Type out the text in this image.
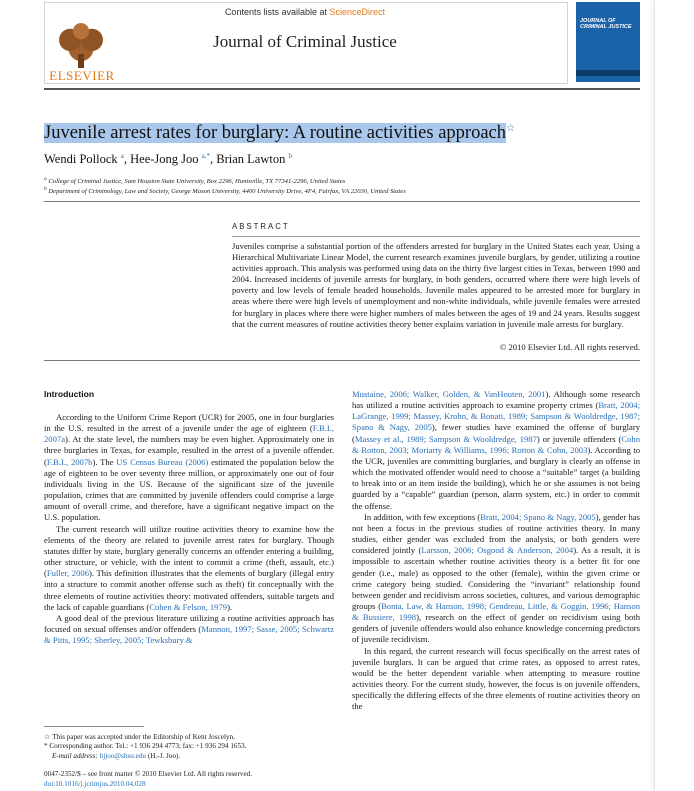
ELSEVIER
Contents lists available at ScienceDirect
Journal of Criminal Justice
JOURNAL OF CRIMINAL JUSTICE
Juvenile arrest rates for burglary: A routine activities approach☆
Wendi Pollock $^a$, Hee-Jong Joo $^{a,*}$, Brian Lawton $^b$
$^a$ College of Criminal Justice, Sam Houston State University, Box 2296, Huntsville, TX 77341-2296, United States
$^b$ Department of Criminology, Law and Society, George Mason University, 4400 University Drive, 4F4, Fairfax, VA 22030, United States
ABSTRACT
Juveniles comprise a substantial portion of the offenders arrested for burglary in the United States each year. Using a Hierarchical Multivariate Linear Model, the current research examines juvenile burglars, by gender, utilizing a routine activities approach. This analysis was performed using data on the thirty five largest cities in Texas, between 1990 and 2004. Increased incidents of juvenile arrests for burglary, in both genders, occurred where there were high levels of poverty and low levels of female headed households. Juvenile males appeared to be arrested more for burglary in areas where there were high levels of unemployment and non-white individuals, while juvenile females were arrested for burglary in places where there were higher numbers of males between the ages of 19 and 24 years. Results suggest that the current measures of routine activities theory better explains variation in juvenile male arrests for burglary.
© 2010 Elsevier Ltd. All rights reserved.
Introduction

According to the Uniform Crime Report (UCR) for 2005, one in four burglaries in the U.S. resulted in the arrest of a juvenile under the age of eighteen (F.B.I., 2007a). At the state level, the numbers may be even higher. Approximately one in three burglaries in Texas, for example, resulted in the arrest of a juvenile offender. (F.B.I., 2007b). The US Census Bureau (2006) estimated the population below the age of eighteen to be over seventy three million, or approximately one out of four individuals living in the US. Because of the significant size of the juvenile population, crimes that are committed by juvenile offenders could comprise a large amount of overall crime, and therefore, have a significant negative impact on the U.S. population.

The current research will utilize routine activities theory to examine how the elements of the theory are related to juvenile arrest rates for burglary. Though statutes differ by state, burglary generally concerns an offender entering a building, other structure, or vehicle, with the intent to commit a crime (theft, assault, etc.) (Fuller, 2006). This definition illustrates that the elements of burglary (illegal entry into a structure to commit another offense such as theft) fit conceptually with the three elements of routine activities theory: motivated offenders, suitable targets and the lack of capable guardians (Cohen & Felson, 1979).

A good deal of the previous literature utilizing a routine activities approach has focused on sexual offenses and/or offenders (Mannon, 1997; Sasse, 2005; Schwartz & Pitts, 1995; Sherley, 2005; Tewksbury &

Mustaine, 2006; Walker, Golden, & VanHouten, 2001). Although some research has utilized a routine activities approach to examine property crimes (Bratt, 2004; LaGrange, 1999; Massey, Krohn, & Bonati, 1989; Sampson & Wooldredge, 1987; Spano & Nagy, 2005), fewer studies have examined the offense of burglary (Massey et al., 1989; Sampson & Wooldredge, 1987) or juvenile offenders (Cohn & Rotton, 2003; Moriarty & Williams, 1996; Rotton & Cohn, 2003). According to the UCR, juveniles are committing burglaries, and burglary is clearly an offense in which the motivated offender would need to choose a “suitable” target (a building to break into or an item inside the building), which he or she assumes is not being guarded by a “capable” guardian (person, alarm system, etc.) in order to commit the offense.

In addition, with few exceptions (Bratt, 2004; Spano & Nagy, 2005), gender has not been a focus in the previous studies of routine activities theory. In many studies, either gender was excluded from the analysis, or both genders were considered jointly (Larsson, 2006; Osgood & Anderson, 2004). As a result, it is impossible to ascertain whether routine activities theory is a better fit for one gender (i.e., male) as opposed to the other (female), within the given crime or crime category being studied. Considering the “invariant” relationship found between gender and recidivism across societies, cultures, and various demographic groups (Bonta, Law, & Hanson, 1998; Gendreau, Little, & Goggin, 1996; Hanson & Bussiere, 1998), research on the effect of gender on recidivism using both genders of juvenile offenders would also enhance knowledge concerning predictors of juvenile recidivism.

In this regard, the current research will focus specifically on the arrest rates of juvenile burglars. It can be argued that crime rates, as opposed to arrest rates, would be the better dependent variable when attempting to measure routine activities theory. For the current study, however, the focus is on juvenile offenders, specifically the differing effects of the three elements of routine activities theory on the

☆ This paper was accepted under the Editorship of Kent Joscelyn.
* Corresponding author. Tel.: +1 936 294 4773; fax: +1 936 294 1653.
E-mail address: hjjoo@shsu.edu (H.-J. Joo).
0047-2352/$ – see front matter © 2010 Elsevier Ltd. All rights reserved.
doi:10.1016/j.jcrimjus.2010.04.028
